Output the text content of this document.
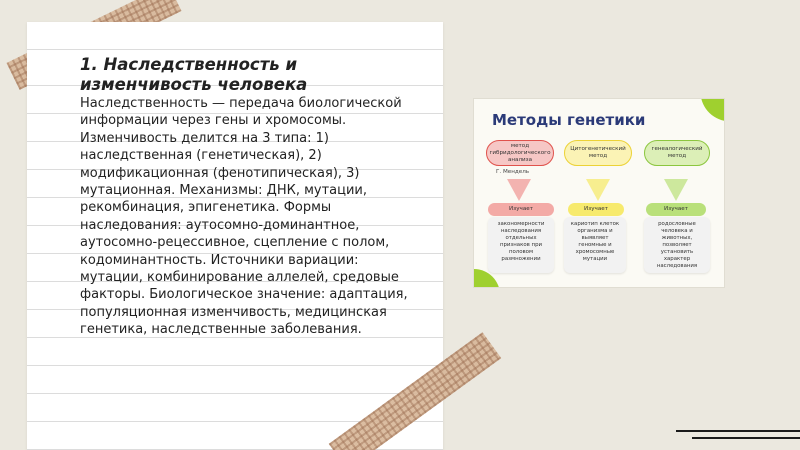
1. Наследственность и изменчивость человека
Наследственность — передача биологической информации через гены и хромосомы. Изменчивость делится на 3 типа: 1) наследственная (генетическая), 2) модификационная (фенотипическая), 3) мутационная. Механизмы: ДНК, мутации, рекомбинация, эпигенетика. Формы наследования: аутосомно-доминантное, аутосомно-рецессивное, сцепление с полом, кодоминантность. Источники вариации: мутации, комбинирование аллелей, средовые факторы. Биологическое значение: адаптация, популяционная изменчивость, медицинская генетика, наследственные заболевания.
Методы генетики
метод гибридологического анализа
Цитогенетический метод
генеалогический метод
Г. Мендель
Изучает	Изучает	Изучает
закономерности наследования отдельных признаков при половом размножении
кариотип клеток организма и выявляет геномные и хромосомные мутации
родословные человека и животных, позволяет установить характер наследования
